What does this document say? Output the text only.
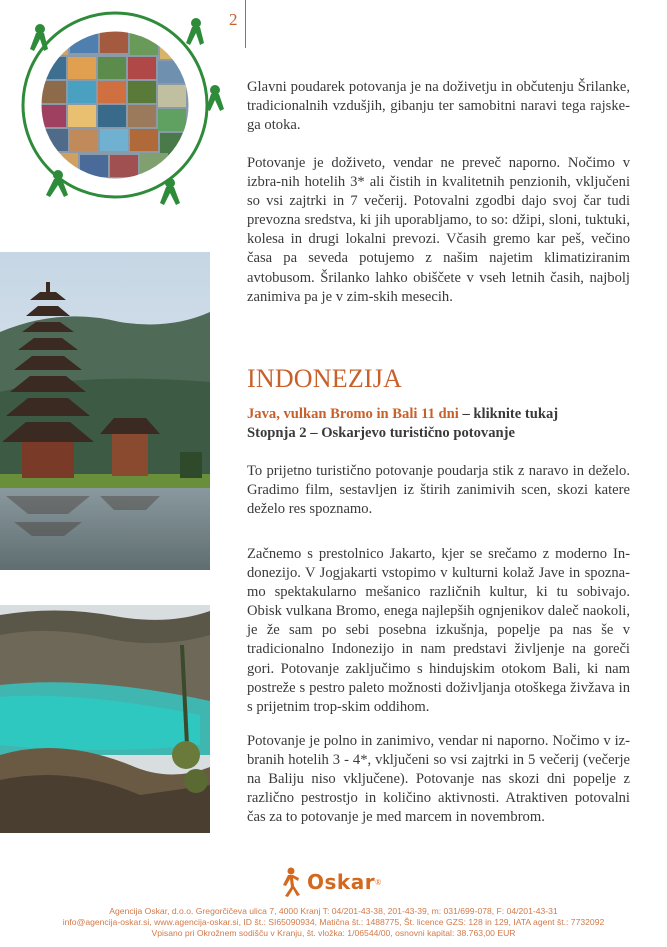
2

Glavni poudarek potovanja je na doživetju in občutenju Šrilanke, tradicionalnih vzdušjih, gibanju ter samobitni naravi tega rajske-ga otoka.

Potovanje je doživeto, vendar ne preveč naporno. Nočimo v izbra-nih hotelih 3* ali čistih in kvalitetnih penzionih, vključeni so vsi zajtrki in 7 večerij. Potovalni zgodbi dajo svoj čar tudi prevozna sredstva, ki jih uporabljamo, to so: džipi, sloni, tuktuki, kolesa in drugi lokalni prevozi. Včasih gremo kar peš, večino časa pa seveda potujemo z našim najetim klimatiziranim avtobusom. Šrilanko lahko obiščete v vseh letnih časih, najbolj zanimiva pa je v zim-skih mesecih.

INDONEZIJA

Java, vulkan Bromo in Bali 11 dni – kliknite tukaj

Stopnja 2 – Oskarjevo turistično potovanje

To prijetno turistično potovanje poudarja stik z naravo in deželo. Gradimo film, sestavljen iz štirih zanimivih scen, skozi katere deželo res spoznamo.

Začnemo s prestolnico Jakarto, kjer se srečamo z moderno In-donezijo. V Jogjakarti vstopimo v kulturni kolaž Jave in spozna-mo spektakularno mešanico različnih kultur, ki tu sobivajo. Obisk vulkana Bromo, enega najlepših ognjenikov daleč naokoli, je že sam po sebi posebna izkušnja, popelje pa nas še v tradicionalno Indonezijo in nam predstavi življenje na goreči gori. Potovanje zaključimo s hindujskim otokom Bali, ki nam postreže s pestro paleto možnosti doživljanja otoškega živžava in s prijetnim trop-skim oddihom.

Potovanje je polno in zanimivo, vendar ni naporno. Nočimo v iz-branih hotelih 3 - 4*, vključeni so vsi zajtrki in 5 večerij (večerje na Baliju niso vključene). Potovanje nas skozi dni popelje z različno pestrostjo in količino aktivnosti. Atraktiven potovalni čas za to potovanje je med marcem in novembrom.

Oskar ®

Agencija Oskar, d.o.o. Gregorčičeva ulica 7, 4000 Kranj T: 04/201-43-38, 201-43-39, m: 031/699-078, F: 04/201-43-31

info@agencija-oskar.si, www.agencija-oskar.si, ID št.: SI65090934, Matična št.: 1488775, Št. licence GZS: 128 in 129, IATA agent št.: 7732092

Vpisano pri Okrožnem sodišču v Kranju, št. vložka: 1/06544/00, osnovni kapital: 38.763,00 EUR
